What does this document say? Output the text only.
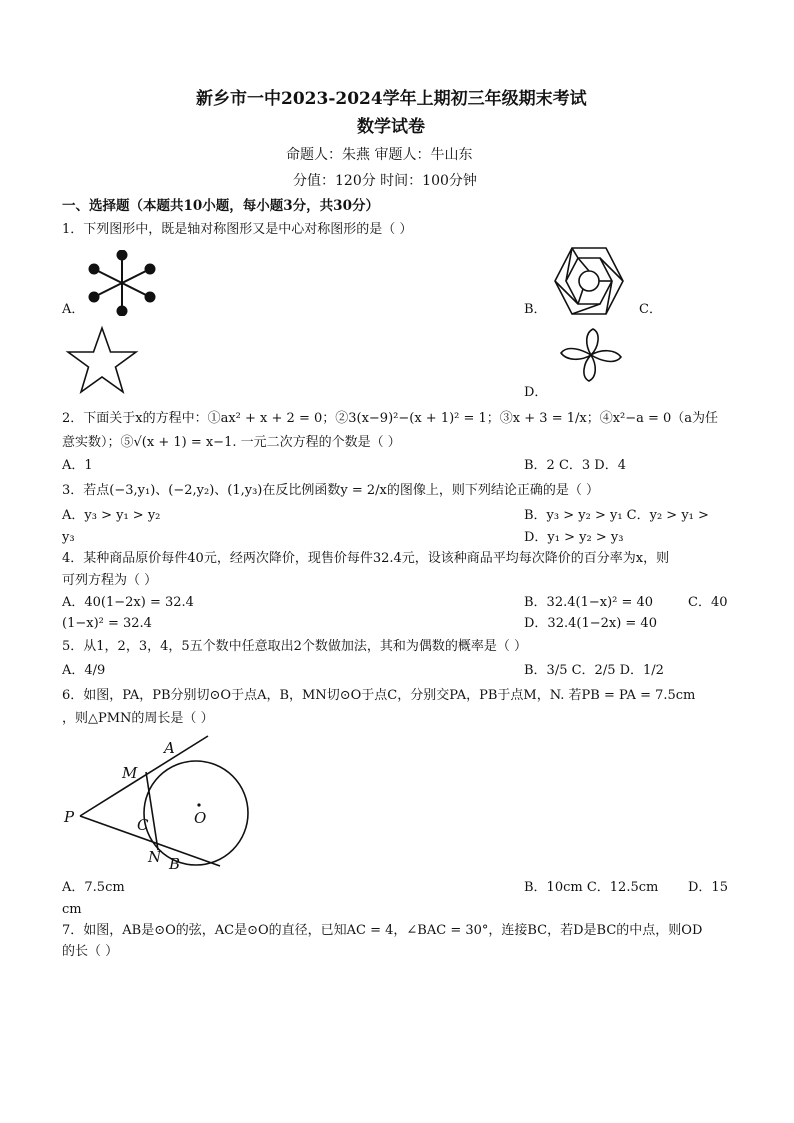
新乡市一中2023-2024学年上期初三年级期末考试
数学试卷
命题人：朱燕 审题人：牛山东
分值：120分 时间：100分钟
一、选择题（本题共10小题，每小题3分，共30分）
1．下列图形中，既是轴对称图形又是中心对称图形的是（ ）
A．	B．	C．
D．
2．下面关于x的方程中：①ax² + x + 2 = 0；②3(x−9)²−(x + 1)² = 1；③x + 3 = 1/x；④x²−a = 0（a为任
意实数）；⑤√(x + 1) = x−1. 一元二次方程的个数是（ ）
A．1	B．2 C．3 D．4
3．若点(−3,y₁)、(−2,y₂)、(1,y₃)在反比例函数y = 2/x的图像上，则下列结论正确的是（ ）
A．y₃ > y₁ > y₂	B．y₃ > y₂ > y₁ C．y₂ > y₁ >
y₃	D．y₁ > y₂ > y₃
4．某种商品原价每件40元，经两次降价，现售价每件32.4元，设该种商品平均每次降价的百分率为x，则
可列方程为（ ）
A．40(1−2x) = 32.4	B．32.4(1−x)² = 40	C．40
(1−x)² = 32.4	D．32.4(1−2x) = 40
5．从1，2，3，4，5五个数中任意取出2个数做加法，其和为偶数的概率是（ ）
A．4/9	B．3/5 C．2/5 D．1/2
6．如图，PA，PB分别切⊙O于点A，B，MN切⊙O于点C，分别交PA，PB于点M，N. 若PB = PA = 7.5cm
，则△PMN的周长是（ ）
A
M
P	C	O
N B
A．7.5cm	B．10cm C．12.5cm D．15
cm
7．如图，AB是⊙O的弦，AC是⊙O的直径，已知AC = 4，∠BAC = 30°，连接BC，若D是BC的中点，则OD
的长（ ）
